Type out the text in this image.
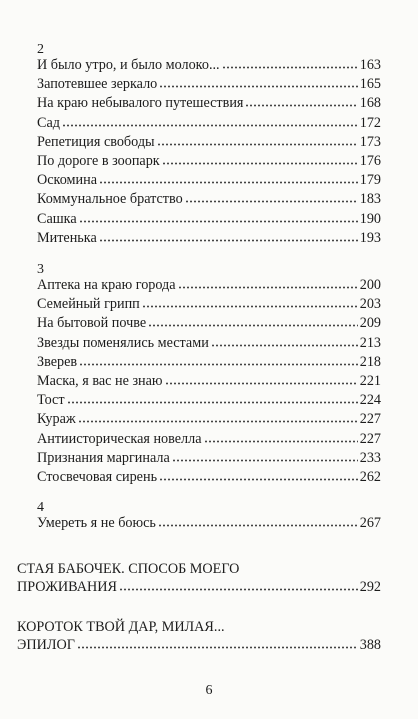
2
И было утро, и было молоко...	163
Запотевшее зеркало	165
На краю небывалого путешествия	168
Сад	172
Репетиция свободы	173
По дороге в зоопарк	176
Оскомина	179
Коммунальное братство	183
Сашка	190
Митенька	193
3
Аптека на краю города	200
Семейный грипп	203
На бытовой почве	209
Звезды поменялись местами	213
Зверев	218
Маска, я вас не знаю	221
Тост	224
Кураж	227
Антиисторическая новелла	227
Признания маргинала	233
Стосвечовая сирень	262
4
Умереть я не боюсь	267
СТАЯ БАБОЧЕК. СПОСОБ МОЕГО
ПРОЖИВАНИЯ	292
КОРОТОК ТВОЙ ДАР, МИЛАЯ...
ЭПИЛОГ	388
6
